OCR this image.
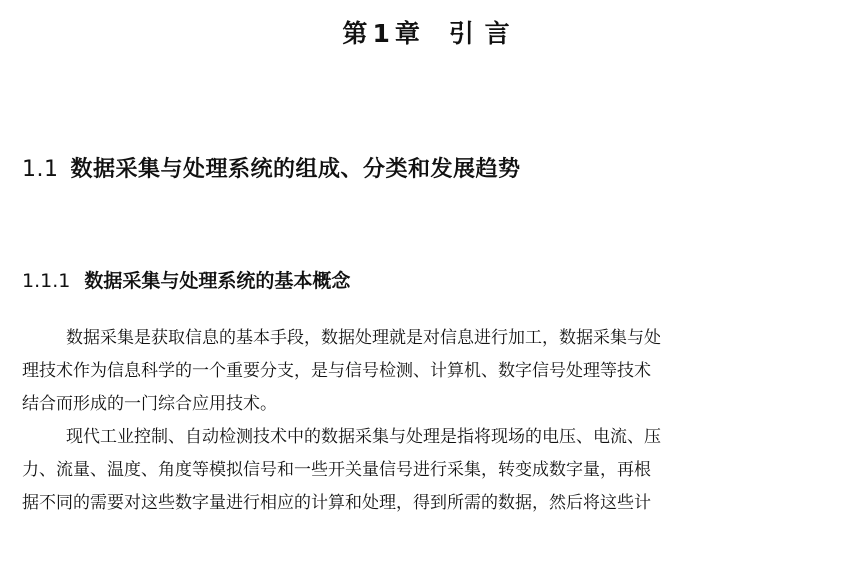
第 1 章 引 言
1.1 数据采集与处理系统的组成、分类和发展趋势
1.1.1 数据采集与处理系统的基本概念
数据采集是获取信息的基本手段，数据处理就是对信息进行加工，数据采集与处
理技术作为信息科学的一个重要分支，是与信号检测、计算机、数字信号处理等技术
结合而形成的一门综合应用技术。
现代工业控制、自动检测技术中的数据采集与处理是指将现场的电压、电流、压
力、流量、温度、角度等模拟信号和一些开关量信号进行采集，转变成数字量，再根
据不同的需要对这些数字量进行相应的计算和处理，得到所需的数据，然后将这些计
